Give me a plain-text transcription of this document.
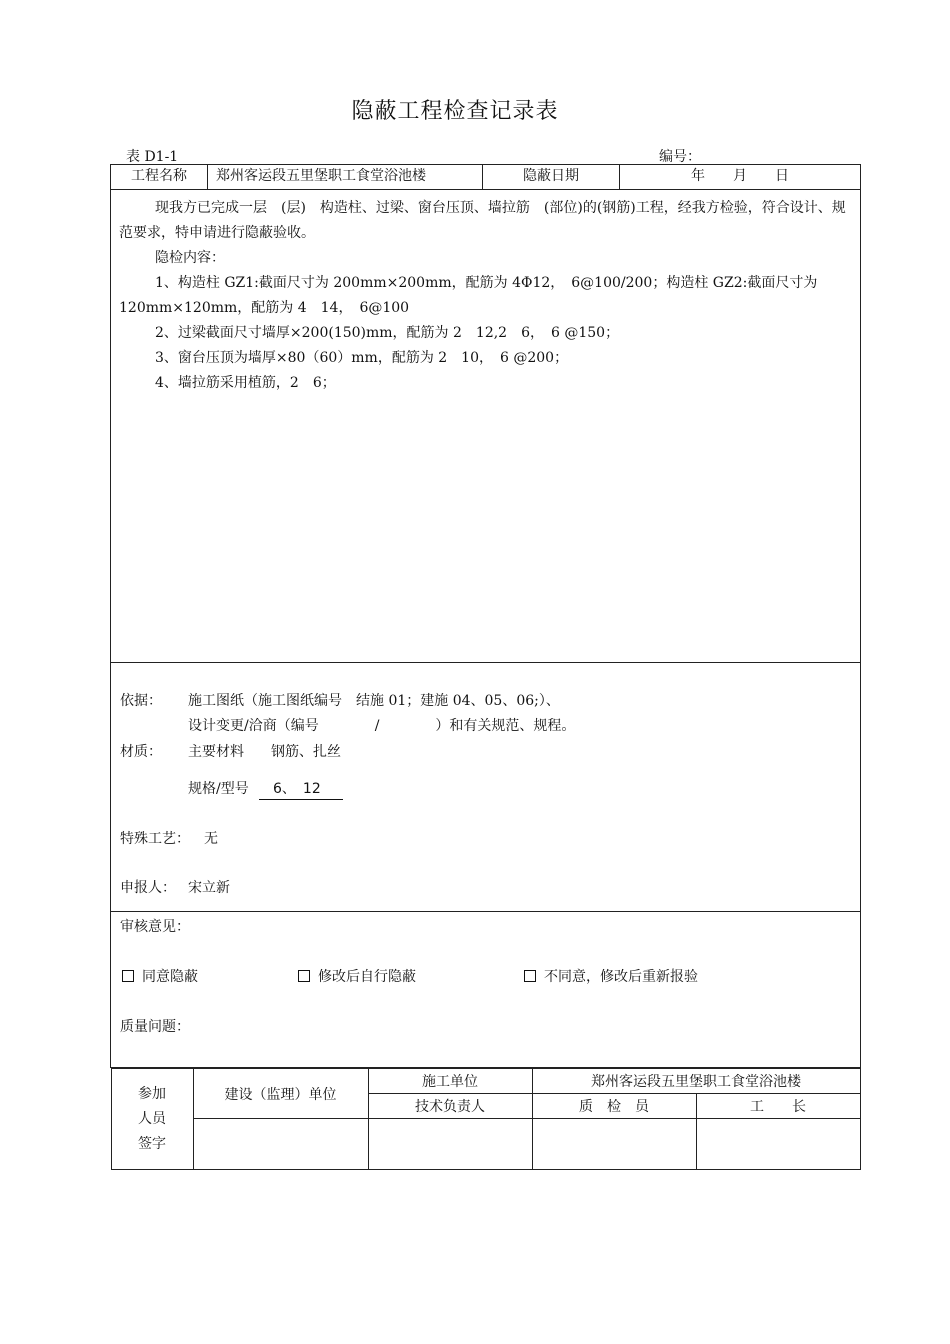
隐蔽工程检查记录表
表 D1-1	编号：
工程名称	郑州客运段五里堡职工食堂浴池楼	隐蔽日期	年　　月　　日

现我方已完成一层　(层)　构造柱、过梁、窗台压顶、墙拉筋　(部位)的(钢筋)工程，经我方检验，符合设计、规范要求，特申请进行隐蔽验收。

隐检内容：

1、构造柱 GZ1:截面尺寸为 200mm×200mm，配筋为 4Φ12，　6@100/200；构造柱 GZ2:截面尺寸为 120mm×120mm，配筋为 4　14，　6@100

2、过梁截面尺寸墙厚×200(150)mm，配筋为 2　12,2　6，　6 @150；

3、窗台压顶为墙厚×80（60）mm，配筋为 2　10，　6 @200；

4、墙拉筋采用植筋，2　6；

依据： 施工图纸（施工图纸编号　结施 01；建施 04、05、06;）、
设计变更/洽商（编号　　　　/　　　　）和有关规范、规程。
材质： 主要材料 钢筋、扎丝
规格/型号 　6、　12
特殊工艺： 无
申报人： 宋立新

审核意见：
同意隐蔽	修改后自行隐蔽	不同意，修改后重新报验
质量问题：

参加
人员
签字
	建设（监理）单位	施工单位	郑州客运段五里堡职工食堂浴池楼
技术负责人	质　检　员	工　　长
